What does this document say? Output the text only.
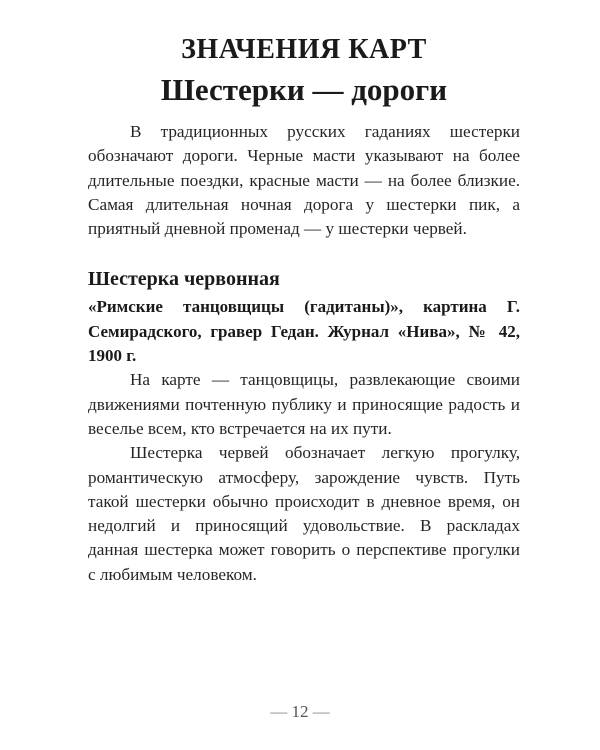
ЗНАЧЕНИЯ КАРТ
Шестерки — дороги

В традиционных русских гаданиях шестерки обозначают дороги. Черные масти указывают на более длительные поездки, красные масти — на более близкие. Самая длительная ночная дорога у шестерки пик, а приятный дневной променад — у шестерки червей.

Шестерка червонная

«Римские танцовщицы (гадитаны)», картина Г. Семирадского, гравер Гедан. Журнал «Нива», № 42, 1900 г.

На карте — танцовщицы, развлекающие своими движениями почтенную публику и приносящие радость и веселье всем, кто встречается на их пути.

Шестерка червей обозначает легкую прогулку, романтическую атмосферу, зарождение чувств. Путь такой шестерки обычно происходит в дневное время, он недолгий и приносящий удовольствие. В раскладах данная шестерка может говорить о перспективе прогулки с любимым человеком.

— 12 —
